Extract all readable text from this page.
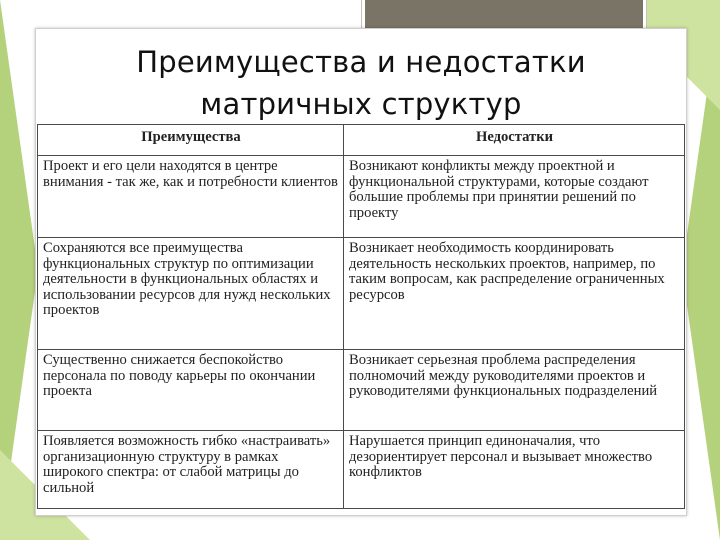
Преимущества и недостатки
матричных структур
Преимущества	Недостатки
Проект и его цели находятся в центре внимания - так же, как и потребности клиентов	Возникают конфликты между проектной и функциональной структурами, которые создают большие проблемы при принятии решений по проекту
Сохраняются все преимущества функциональных структур по оптимизации деятельности в функциональных областях и использовании ресурсов для нужд нескольких проектов	Возникает необходимость координировать деятельность нескольких проектов, например, по таким вопросам, как распределение ограниченных ресурсов
Существенно снижается беспокойство персонала по поводу карьеры по окончании проекта	Возникает серьезная проблема распределения полномочий между руководителями проектов и руководителями функциональных подразделений
Появляется возможность гибко «настраивать» организационную структуру в рамках широкого спектра: от слабой матрицы до сильной	Нарушается принцип единоначалия, что дезориентирует персонал и вызывает множество конфликтов
